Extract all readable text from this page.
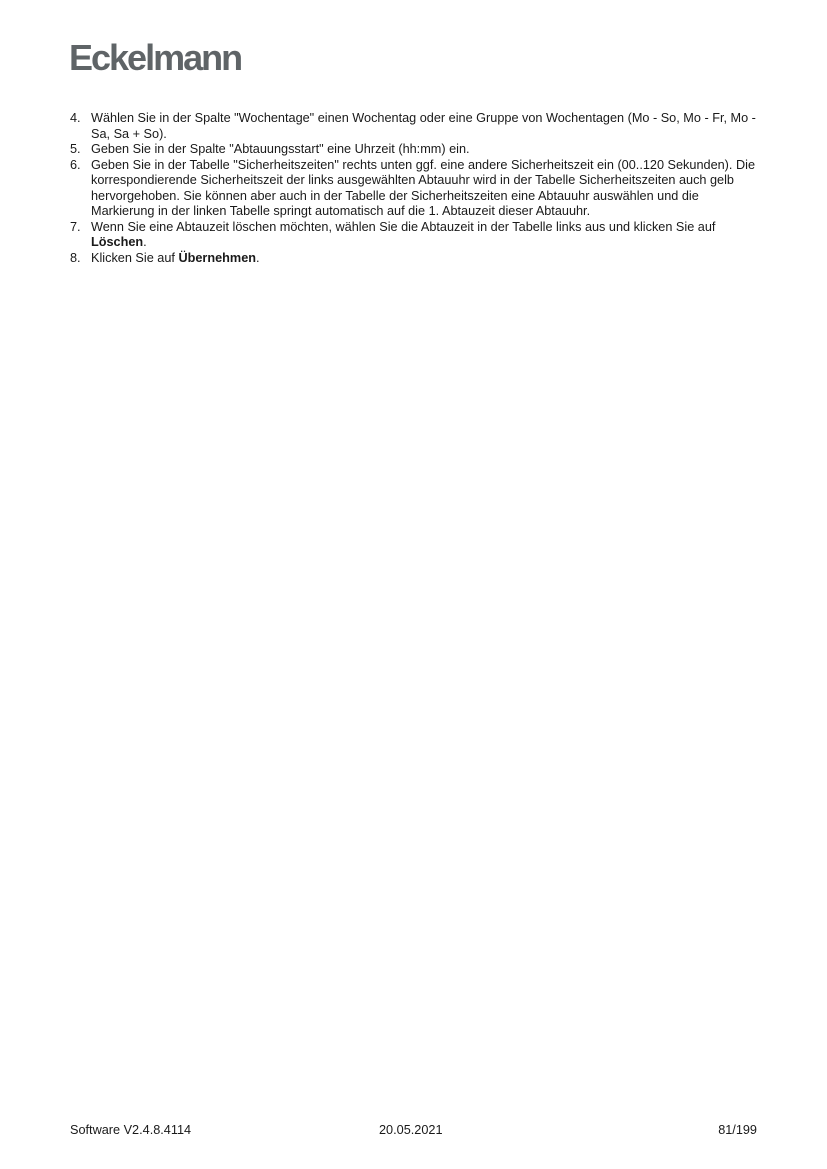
Eckelmann
4. Wählen Sie in der Spalte "Wochentage" einen Wochentag oder eine Gruppe von Wochentagen (Mo - So, Mo - Fr, Mo - Sa, Sa + So).
5. Geben Sie in der Spalte "Abtauungsstart" eine Uhrzeit (hh:mm) ein.
6. Geben Sie in der Tabelle "Sicherheitszeiten" rechts unten ggf. eine andere Sicherheitszeit ein (00..120 Sekunden). Die korrespondierende Sicherheitszeit der links ausgewählten Abtauuhr wird in der Tabelle Sicherheitszeiten auch gelb hervorgehoben. Sie können aber auch in der Tabelle der Sicherheitszeiten eine Abtauuhr auswählen und die Markierung in der linken Tabelle springt automatisch auf die 1. Abtauzeit dieser Abtauuhr.
7. Wenn Sie eine Abtauzeit löschen möchten, wählen Sie die Abtauzeit in der Tabelle links aus und klicken Sie auf Löschen.
8. Klicken Sie auf Übernehmen.
Software V2.4.8.4114	20.05.2021	81/199
